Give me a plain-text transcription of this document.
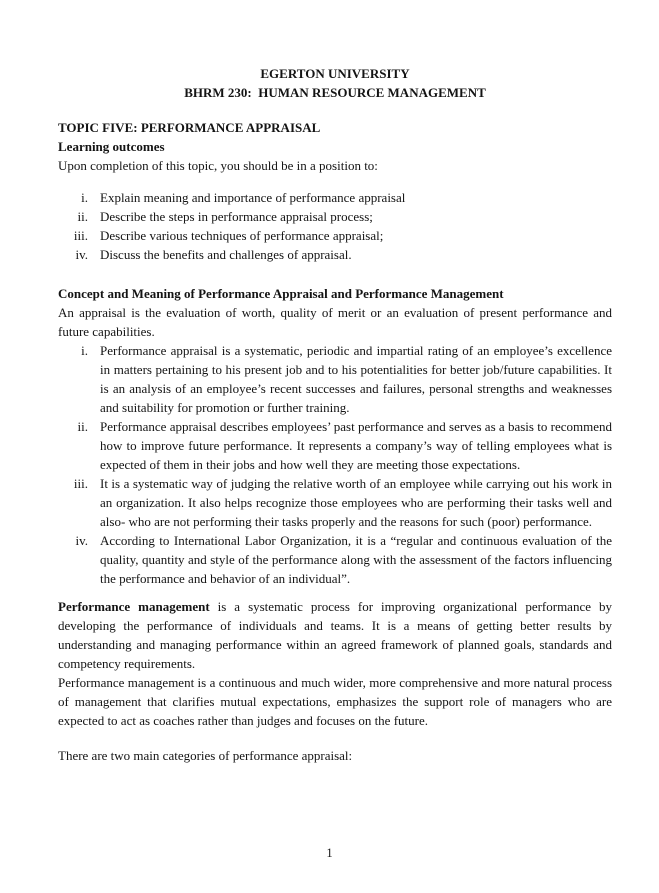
EGERTON UNIVERSITY
BHRM 230:  HUMAN RESOURCE MANAGEMENT
TOPIC FIVE: PERFORMANCE APPRAISAL
Learning outcomes
Upon completion of this topic, you should be in a position to:
i. Explain meaning and importance of performance appraisal
ii. Describe the steps in performance appraisal process;
iii. Describe various techniques of performance appraisal;
iv. Discuss the benefits and challenges of appraisal.
Concept and Meaning of Performance Appraisal and Performance Management
An appraisal is the evaluation of worth, quality of merit or an evaluation of present performance and future capabilities.
i. Performance appraisal is a systematic, periodic and impartial rating of an employee’s excellence in matters pertaining to his present job and to his potentialities for better job/future capabilities. It is an analysis of an employee’s recent successes and failures, personal strengths and weaknesses and suitability for promotion or further training.
ii. Performance appraisal describes employees’ past performance and serves as a basis to recommend how to improve future performance. It represents a company’s way of telling employees what is expected of them in their jobs and how well they are meeting those expectations.
iii. It is a systematic way of judging the relative worth of an employee while carrying out his work in an organization. It also helps recognize those employees who are performing their tasks well and also- who are not performing their tasks properly and the reasons for such (poor) performance.
iv. According to International Labor Organization, it is a “regular and continuous evaluation of the quality, quantity and style of the performance along with the assessment of the factors influencing the performance and behavior of an individual”.
Performance management is a systematic process for improving organizational performance by developing the performance of individuals and teams. It is a means of getting better results by understanding and managing performance within an agreed framework of planned goals, standards and competency requirements.
Performance management is a continuous and much wider, more comprehensive and more natural process of management that clarifies mutual expectations, emphasizes the support role of managers who are expected to act as coaches rather than judges and focuses on the future.
There are two main categories of performance appraisal:
1
